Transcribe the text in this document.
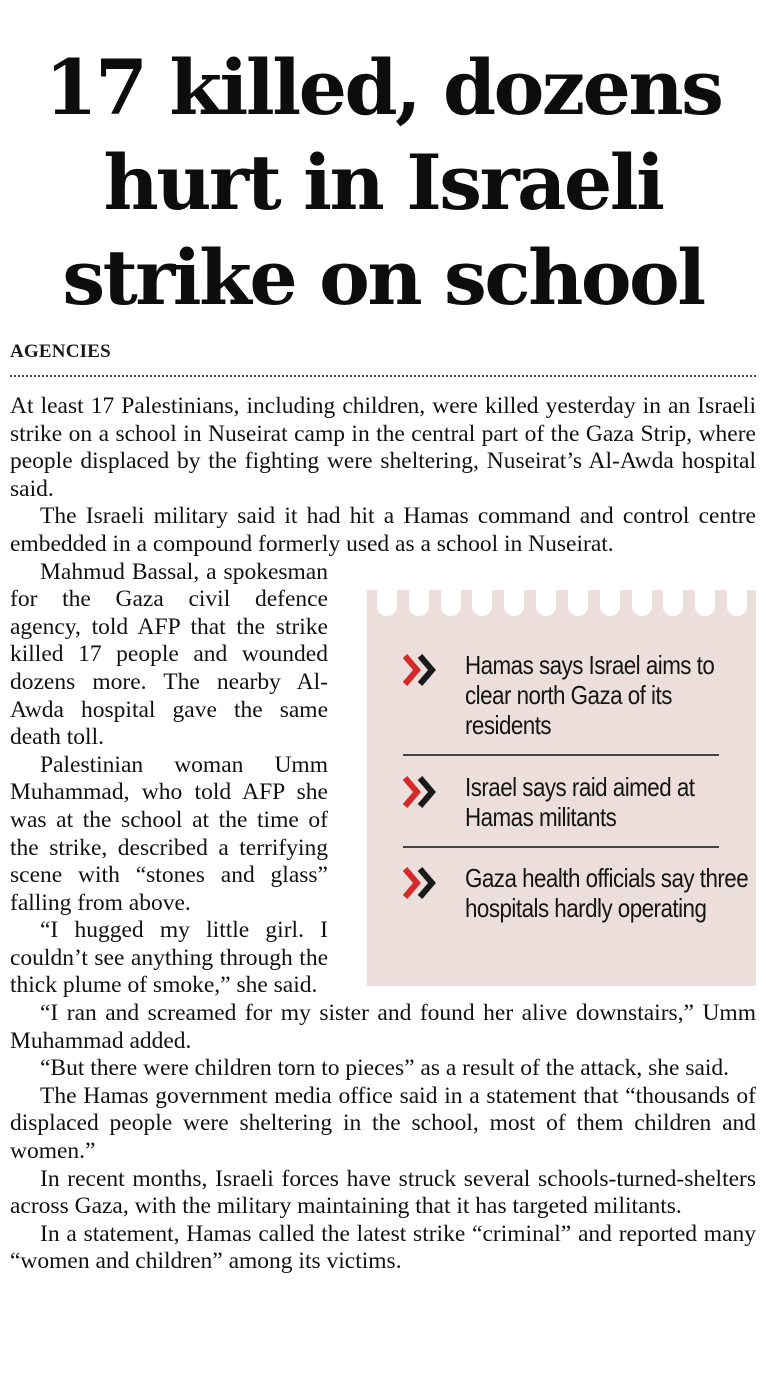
17 killed, dozens
hurt in Israeli
strike on school
AGENCIES

At least 17 Palestinians, including children, were killed yesterday in an Israeli strike on a school in Nuseirat camp in the central part of the Gaza Strip, where people displaced by the fighting were sheltering, Nuseirat’s Al-Awda hospital said.

The Israeli military said it had hit a Hamas command and control centre embedded in a compound formerly used as a school in Nuseirat.

Mahmud Bassal, a spokesman for the Gaza civil defence agency, told AFP that the strike killed 17 people and wounded dozens more. The nearby Al-Awda hospital gave the same death toll.

Palestinian woman Umm Muhammad, who told AFP she was at the school at the time of the strike, described a terrifying scene with “stones and glass” falling from above.

“I hugged my little girl. I couldn’t see anything through the thick plume of smoke,” she said.

“I ran and screamed for my sister and found her alive downstairs,” Umm Muhammad added.

“But there were children torn to pieces” as a result of the attack, she said.

The Hamas government media office said in a statement that “thousands of displaced people were sheltering in the school, most of them children and women.”

In recent months, Israeli forces have struck several schools-turned-shelters across Gaza, with the military maintaining that it has targeted militants.

In a statement, Hamas called the latest strike “criminal” and reported many “women and children” among its victims.

Hamas says Israel aims to clear north Gaza of its residents
Israel says raid aimed at Hamas militants
Gaza health officials say three hospitals hardly operating
